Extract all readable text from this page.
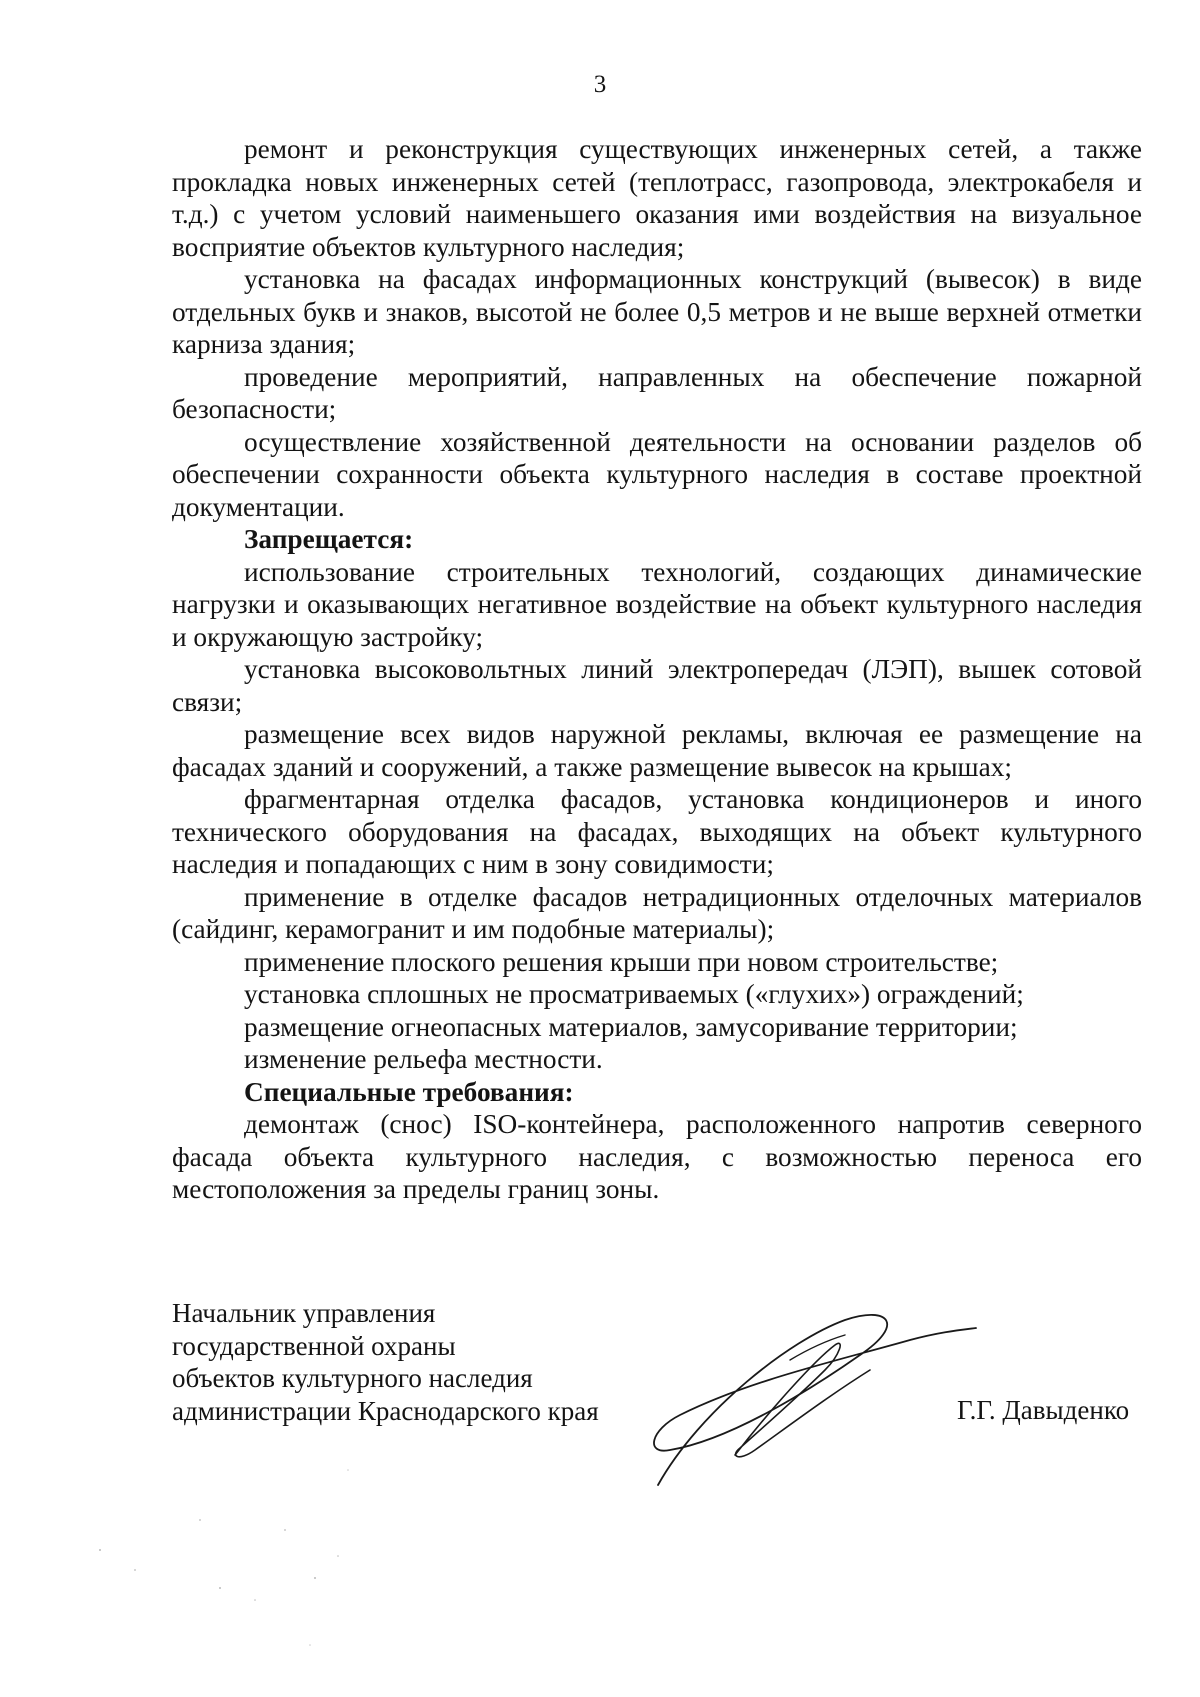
3

ремонт и реконструкция существующих инженерных сетей, а также прокладка новых инженерных сетей (теплотрасс, газопровода, электрокабеля и т.д.) с учетом условий наименьшего оказания ими воздействия на визуальное восприятие объектов культурного наследия;

установка на фасадах информационных конструкций (вывесок) в виде отдельных букв и знаков, высотой не более 0,5 метров и не выше верхней отметки карниза здания;

проведение мероприятий, направленных на обеспечение пожарной безопасности;

осуществление хозяйственной деятельности на основании разделов об обеспечении сохранности объекта культурного наследия в составе проектной документации.

Запрещается:

использование строительных технологий, создающих динамические нагрузки и оказывающих негативное воздействие на объект культурного наследия и окружающую застройку;

установка высоковольтных линий электропередач (ЛЭП), вышек сотовой связи;

размещение всех видов наружной рекламы, включая ее размещение на фасадах зданий и сооружений, а также размещение вывесок на крышах;

фрагментарная отделка фасадов, установка кондиционеров и иного технического оборудования на фасадах, выходящих на объект культурного наследия и попадающих с ним в зону совидимости;

применение в отделке фасадов нетрадиционных отделочных материалов (сайдинг, керамогранит и им подобные материалы);

применение плоского решения крыши при новом строительстве;

установка сплошных не просматриваемых («глухих») ограждений;

размещение огнеопасных материалов, замусоривание территории;

изменение рельефа местности.

Специальные требования:

демонтаж (снос) ISO-контейнера, расположенного напротив северного фасада объекта культурного наследия, с возможностью переноса его местоположения за пределы границ зоны.

Начальник управления
государственной охраны
объектов культурного наследия
администрации Краснодарского края	Г.Г. Давыденко
